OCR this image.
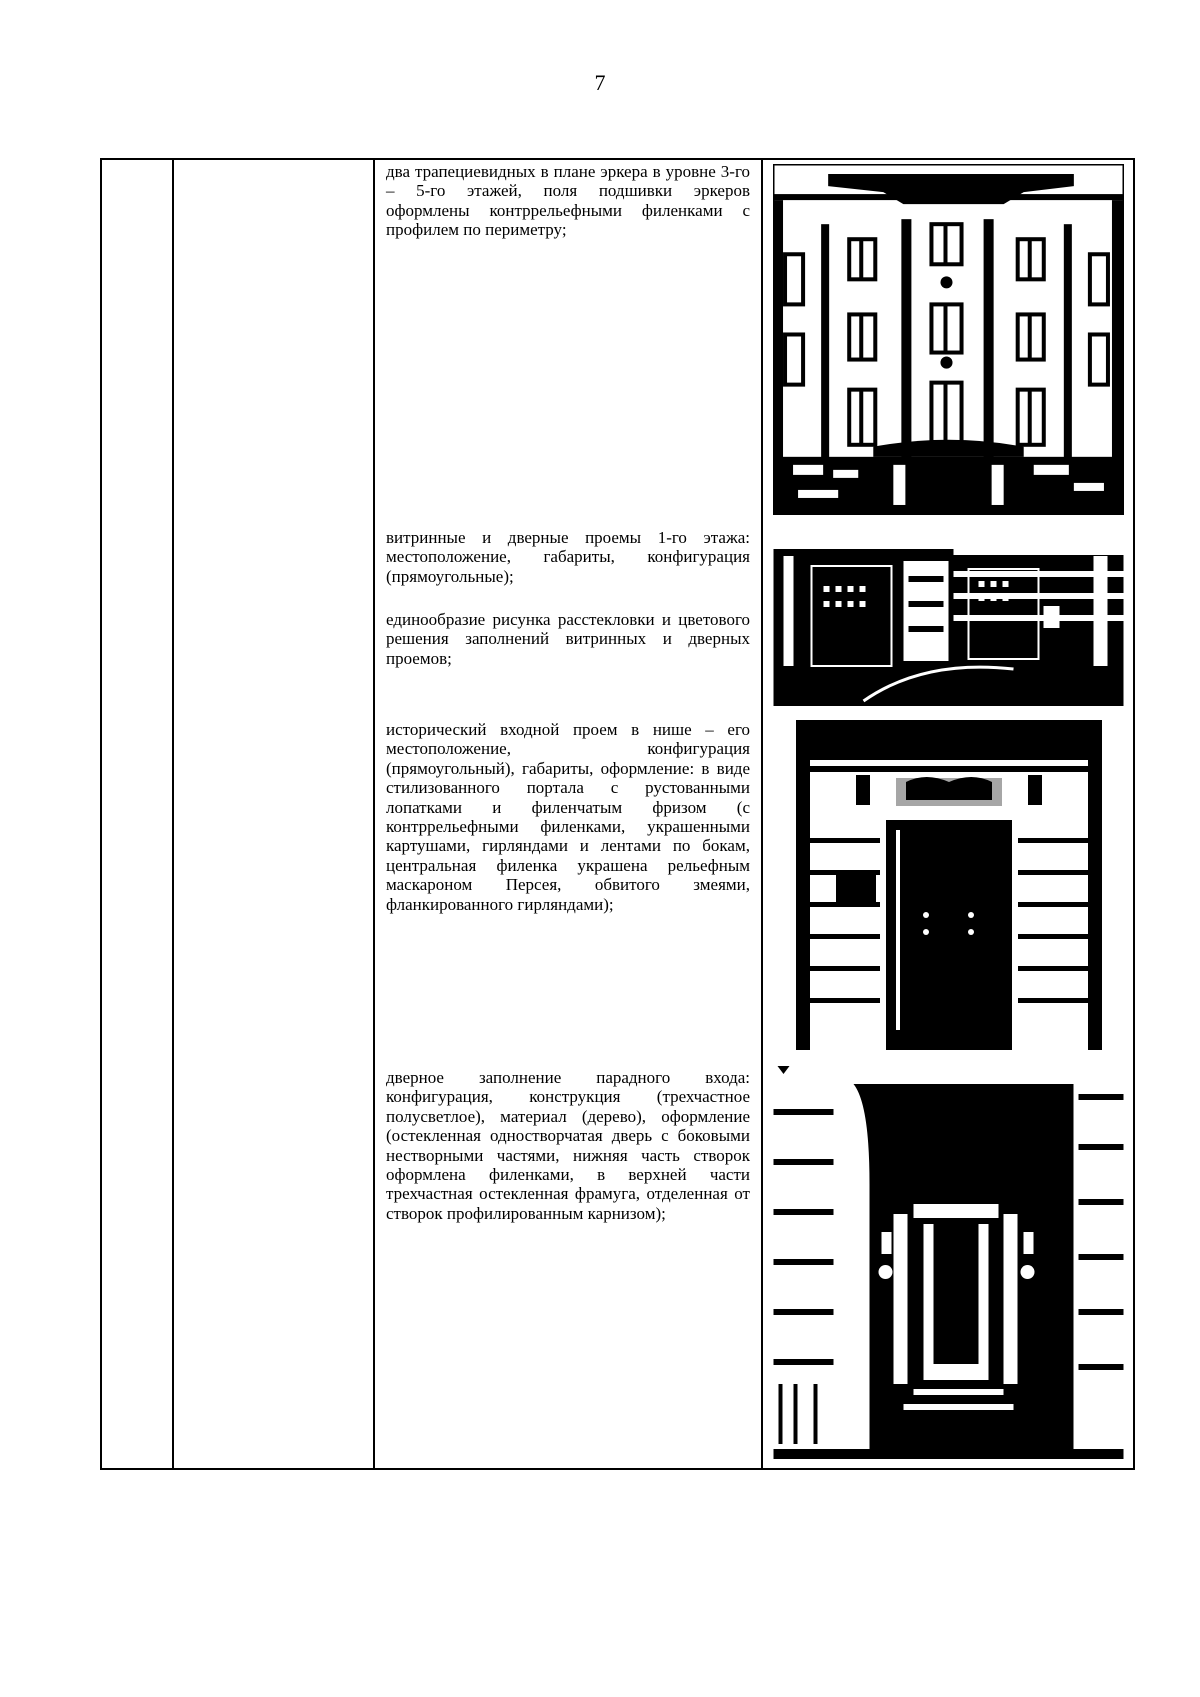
7

два трапециевидных в плане эркера в уровне 3-го – 5-го этажей, поля подшивки эркеров оформлены контррельефными филенками с профилем по периметру;
витринные и дверные проемы 1-го этажа: местоположение, габариты, конфигурация (прямоугольные);
единообразие рисунка расстекловки и цветового решения заполнений витринных и дверных проемов;
исторический входной проем в нише – его местоположение, конфигурация (прямоугольный), габариты, оформление: в виде стилизованного портала с рустованными лопатками и филенчатым фризом (с контррельефными филенками, украшенными картушами, гирляндами и лентами по бокам, центральная филенка украшена рельефным маскароном Персея, обвитого змеями, фланкированного гирляндами);
дверное заполнение парадного входа: конфигурация, конструкция (трехчастное полусветлое), материал (дерево), оформление (остекленная одностворчатая дверь с боковыми нестворными частями, нижняя часть створок оформлена филенками, в верхней части трехчастная остекленная фрамуга, отделенная от створок профилированным карнизом);
